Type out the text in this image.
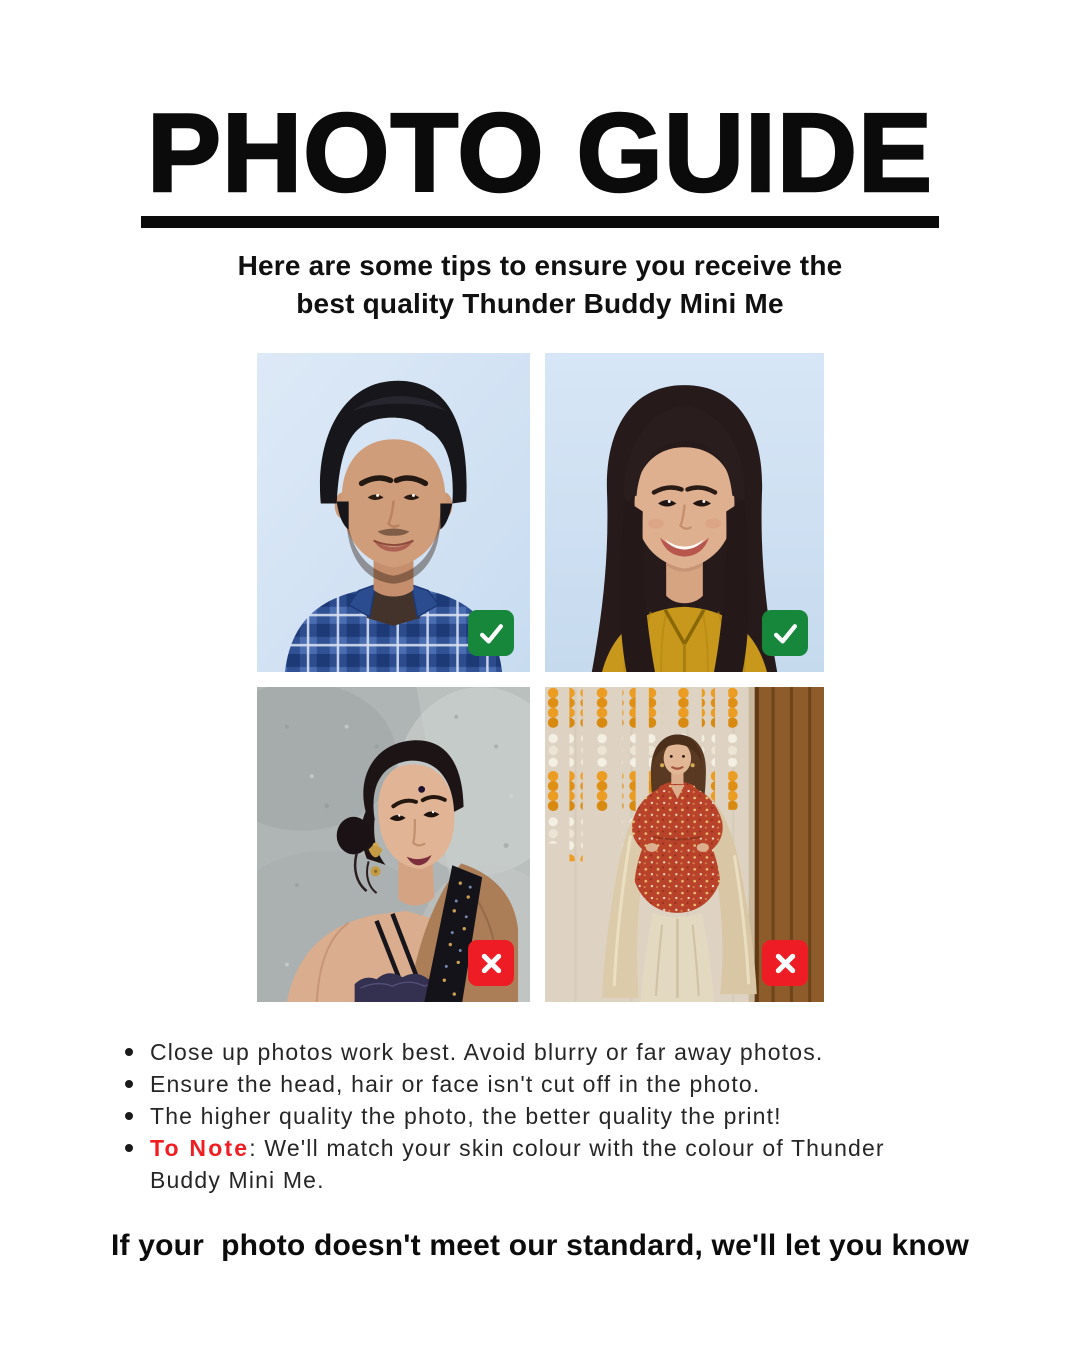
PHOTO GUIDE
Here are some tips to ensure you receive the
best quality Thunder Buddy Mini Me
Close up photos work best. Avoid blurry or far away photos.
Ensure the head, hair or face isn't cut off in the photo.
The higher quality the photo, the better quality the print!
To Note: We'll match your skin colour with the colour of Thunder Buddy Mini Me.
If your  photo doesn't meet our standard, we'll let you know
